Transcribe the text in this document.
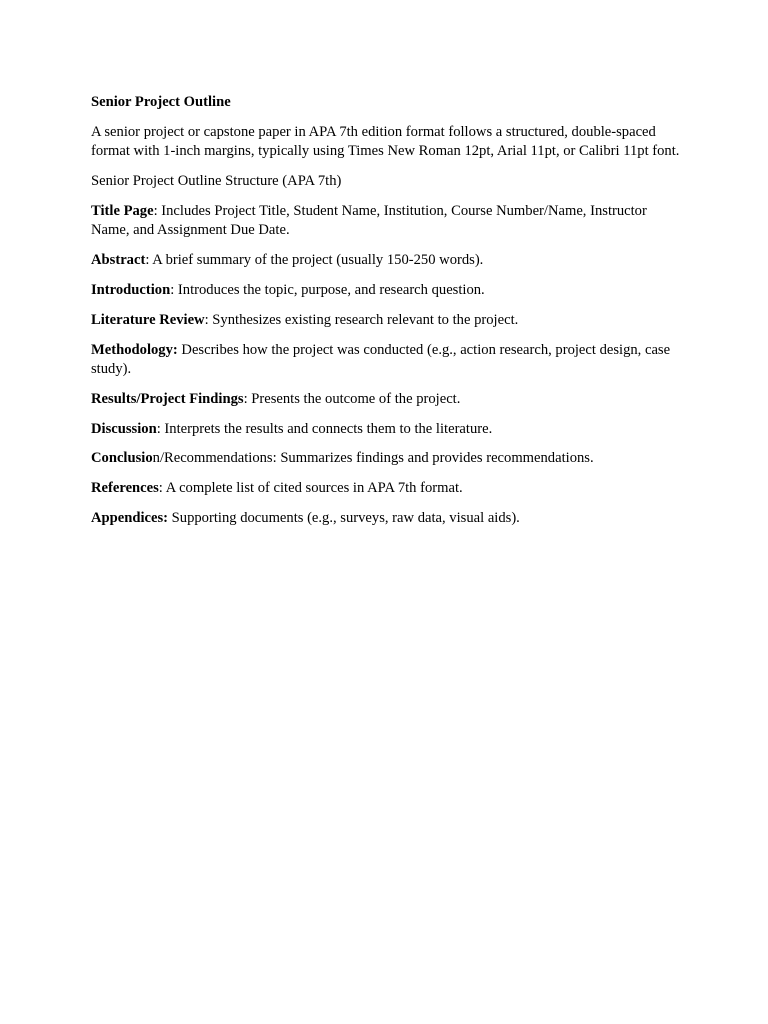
Senior Project Outline

A senior project or capstone paper in APA 7th edition format follows a structured, double-spaced format with 1-inch margins, typically using Times New Roman 12pt, Arial 11pt, or Calibri 11pt font.

Senior Project Outline Structure (APA 7th)

Title Page: Includes Project Title, Student Name, Institution, Course Number/Name, Instructor Name, and Assignment Due Date.

Abstract: A brief summary of the project (usually 150-250 words).

Introduction: Introduces the topic, purpose, and research question.

Literature Review: Synthesizes existing research relevant to the project.

Methodology: Describes how the project was conducted (e.g., action research, project design, case study).

Results/Project Findings: Presents the outcome of the project.

Discussion: Interprets the results and connects them to the literature.

Conclusion/Recommendations: Summarizes findings and provides recommendations.

References: A complete list of cited sources in APA 7th format.

Appendices: Supporting documents (e.g., surveys, raw data, visual aids).
